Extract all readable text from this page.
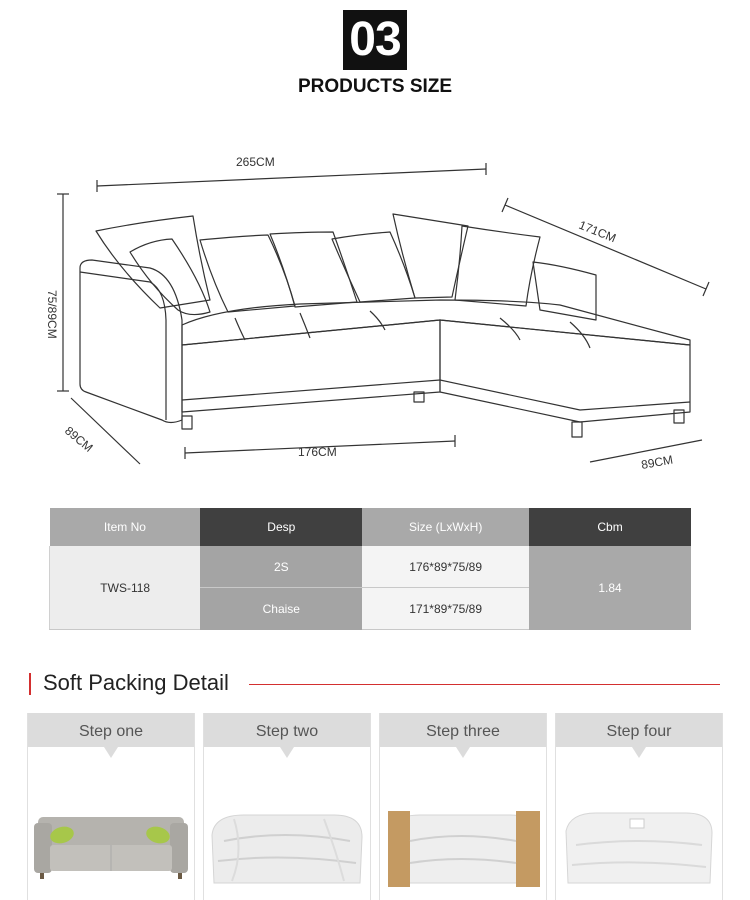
03
PRODUCTS SIZE
265CM
171CM
75/89CM
89CM	176CM
89CM
Item No	Desp	Size (LxWxH)	Cbm
TWS-118	2S	176*89*75/89	1.84
	Chaise	171*89*75/89	
Soft Packing Detail
Step one	Step two	Step three	Step four
